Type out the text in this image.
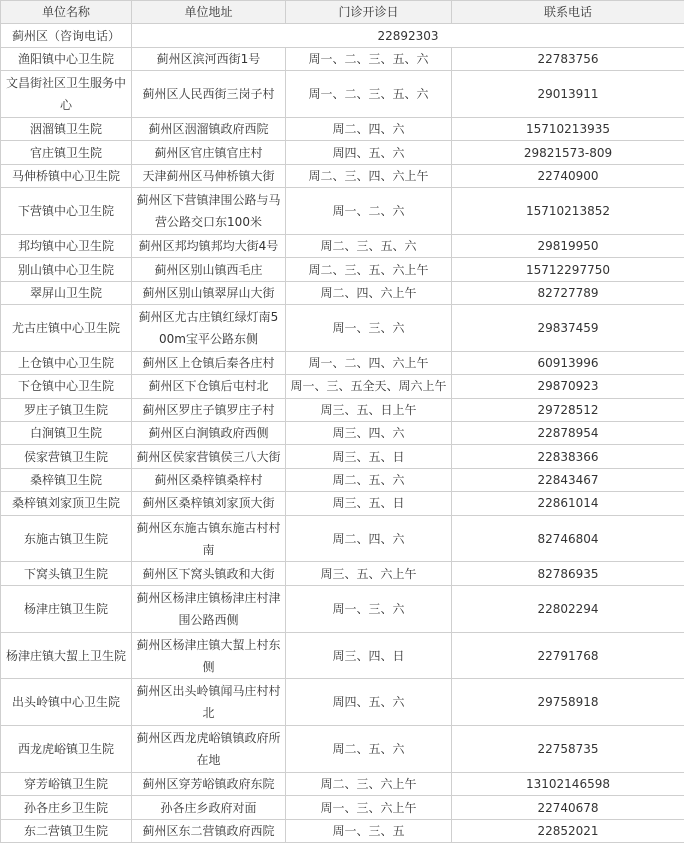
单位名称	单位地址	门诊开诊日	联系电话
蓟州区（咨询电话）	22892303		
渔阳镇中心卫生院	蓟州区滨河西街1号	周一、二、三、五、六	22783756
文昌街社区卫生服务中心	蓟州区人民西街三岗子村	周一、二、三、五、六	29013911
洇溜镇卫生院	蓟州区洇溜镇政府西院	周二、四、六	15710213935
官庄镇卫生院	蓟州区官庄镇官庄村	周四、五、六	29821573-809
马伸桥镇中心卫生院	天津蓟州区马伸桥镇大街	周二、三、四、六上午	22740900
下营镇中心卫生院	蓟州区下营镇津围公路与马营公路交口东100米	周一、二、六	15710213852
邦均镇中心卫生院	蓟州区邦均镇邦均大街4号	周二、三、五、六	29819950
别山镇中心卫生院	蓟州区别山镇西毛庄	周二、三、五、六上午	15712297750
翠屏山卫生院	蓟州区别山镇翠屏山大街	周二、四、六上午	82727789
尤古庄镇中心卫生院	蓟州区尤古庄镇红绿灯南500m宝平公路东侧	周一、三、六	29837459
上仓镇中心卫生院	蓟州区上仓镇后秦各庄村	周一、二、四、六上午	60913996
下仓镇中心卫生院	蓟州区下仓镇后屯村北	周一、三、五全天、周六上午	29870923
罗庄子镇卫生院	蓟州区罗庄子镇罗庄子村	周三、五、日上午	29728512
白涧镇卫生院	蓟州区白涧镇政府西侧	周三、四、六	22878954
侯家营镇卫生院	蓟州区侯家营镇侯三八大街	周三、五、日	22838366
桑梓镇卫生院	蓟州区桑梓镇桑梓村	周二、五、六	22843467
桑梓镇刘家顶卫生院	蓟州区桑梓镇刘家顶大街	周三、五、日	22861014
东施古镇卫生院	蓟州区东施古镇东施古村村南	周二、四、六	82746804
下窝头镇卫生院	蓟州区下窝头镇政和大街	周三、五、六上午	82786935
杨津庄镇卫生院	蓟州区杨津庄镇杨津庄村津围公路西侧	周一、三、六	22802294
杨津庄镇大蛪上卫生院	蓟州区杨津庄镇大蛪上村东侧	周三、四、日	22791768
出头岭镇中心卫生院	蓟州区出头岭镇闻马庄村村北	周四、五、六	29758918
西龙虎峪镇卫生院	蓟州区西龙虎峪镇镇政府所在地	周二、五、六	22758735
穿芳峪镇卫生院	蓟州区穿芳峪镇政府东院	周二、三、六上午	13102146598
孙各庄乡卫生院	孙各庄乡政府对面	周一、三、六上午	22740678
东二营镇卫生院	蓟州区东二营镇政府西院	周一、三、五	22852021
